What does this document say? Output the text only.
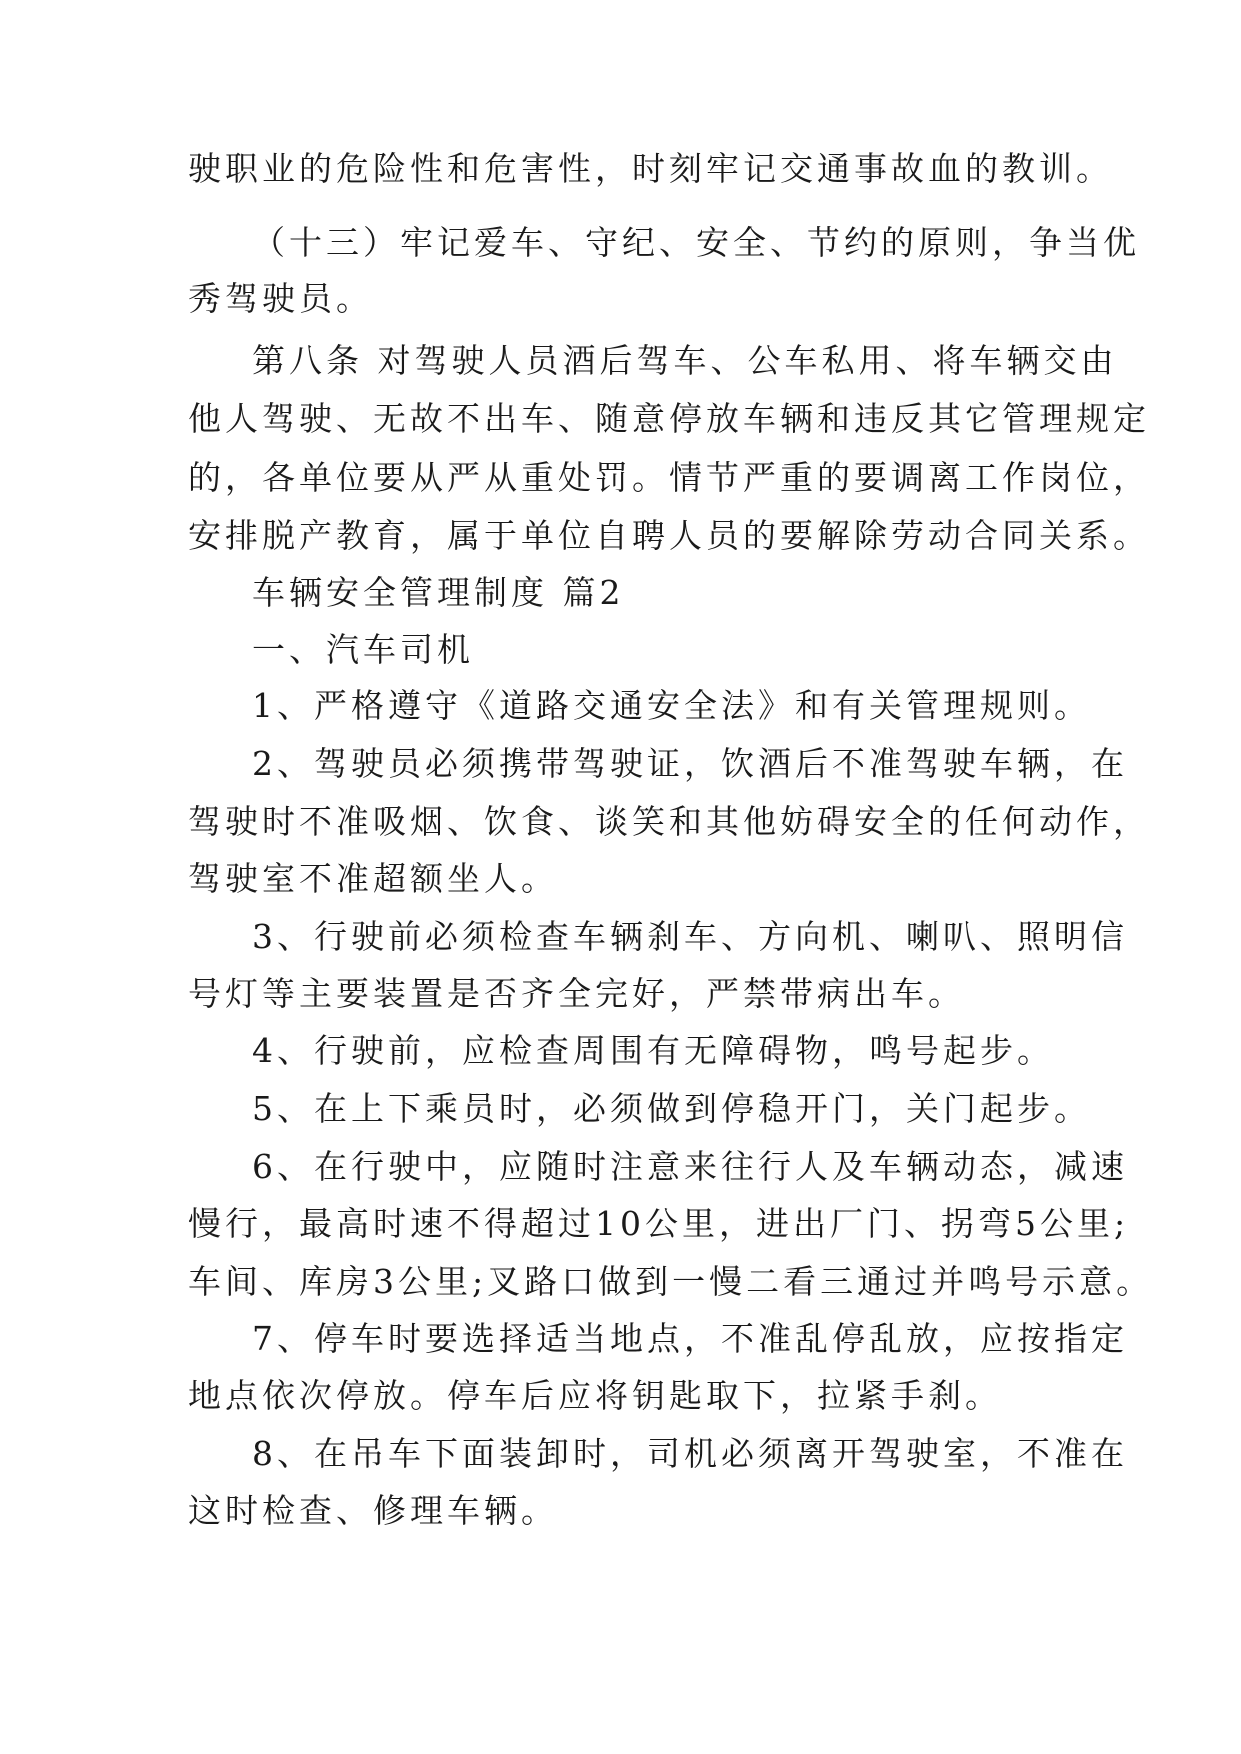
驶职业的危险性和危害性，时刻牢记交通事故血的教训。
（十三）牢记爱车、守纪、安全、节约的原则，争当优
秀驾驶员。
第八条 对驾驶人员酒后驾车、公车私用、将车辆交由
他人驾驶、无故不出车、随意停放车辆和违反其它管理规定
的，各单位要从严从重处罚。情节严重的要调离工作岗位，
安排脱产教育，属于单位自聘人员的要解除劳动合同关系。
车辆安全管理制度 篇2
一、汽车司机
1、严格遵守《道路交通安全法》和有关管理规则。
2、驾驶员必须携带驾驶证，饮酒后不准驾驶车辆，在
驾驶时不准吸烟、饮食、谈笑和其他妨碍安全的任何动作，
驾驶室不准超额坐人。
3、行驶前必须检查车辆刹车、方向机、喇叭、照明信
号灯等主要装置是否齐全完好，严禁带病出车。
4、行驶前，应检查周围有无障碍物，鸣号起步。
5、在上下乘员时，必须做到停稳开门，关门起步。
6、在行驶中，应随时注意来往行人及车辆动态，减速
慢行，最高时速不得超过10公里，进出厂门、拐弯5公里;
车间、库房3公里;叉路口做到一慢二看三通过并鸣号示意。
7、停车时要选择适当地点，不准乱停乱放，应按指定
地点依次停放。停车后应将钥匙取下，拉紧手刹。
8、在吊车下面装卸时，司机必须离开驾驶室，不准在
这时检查、修理车辆。
